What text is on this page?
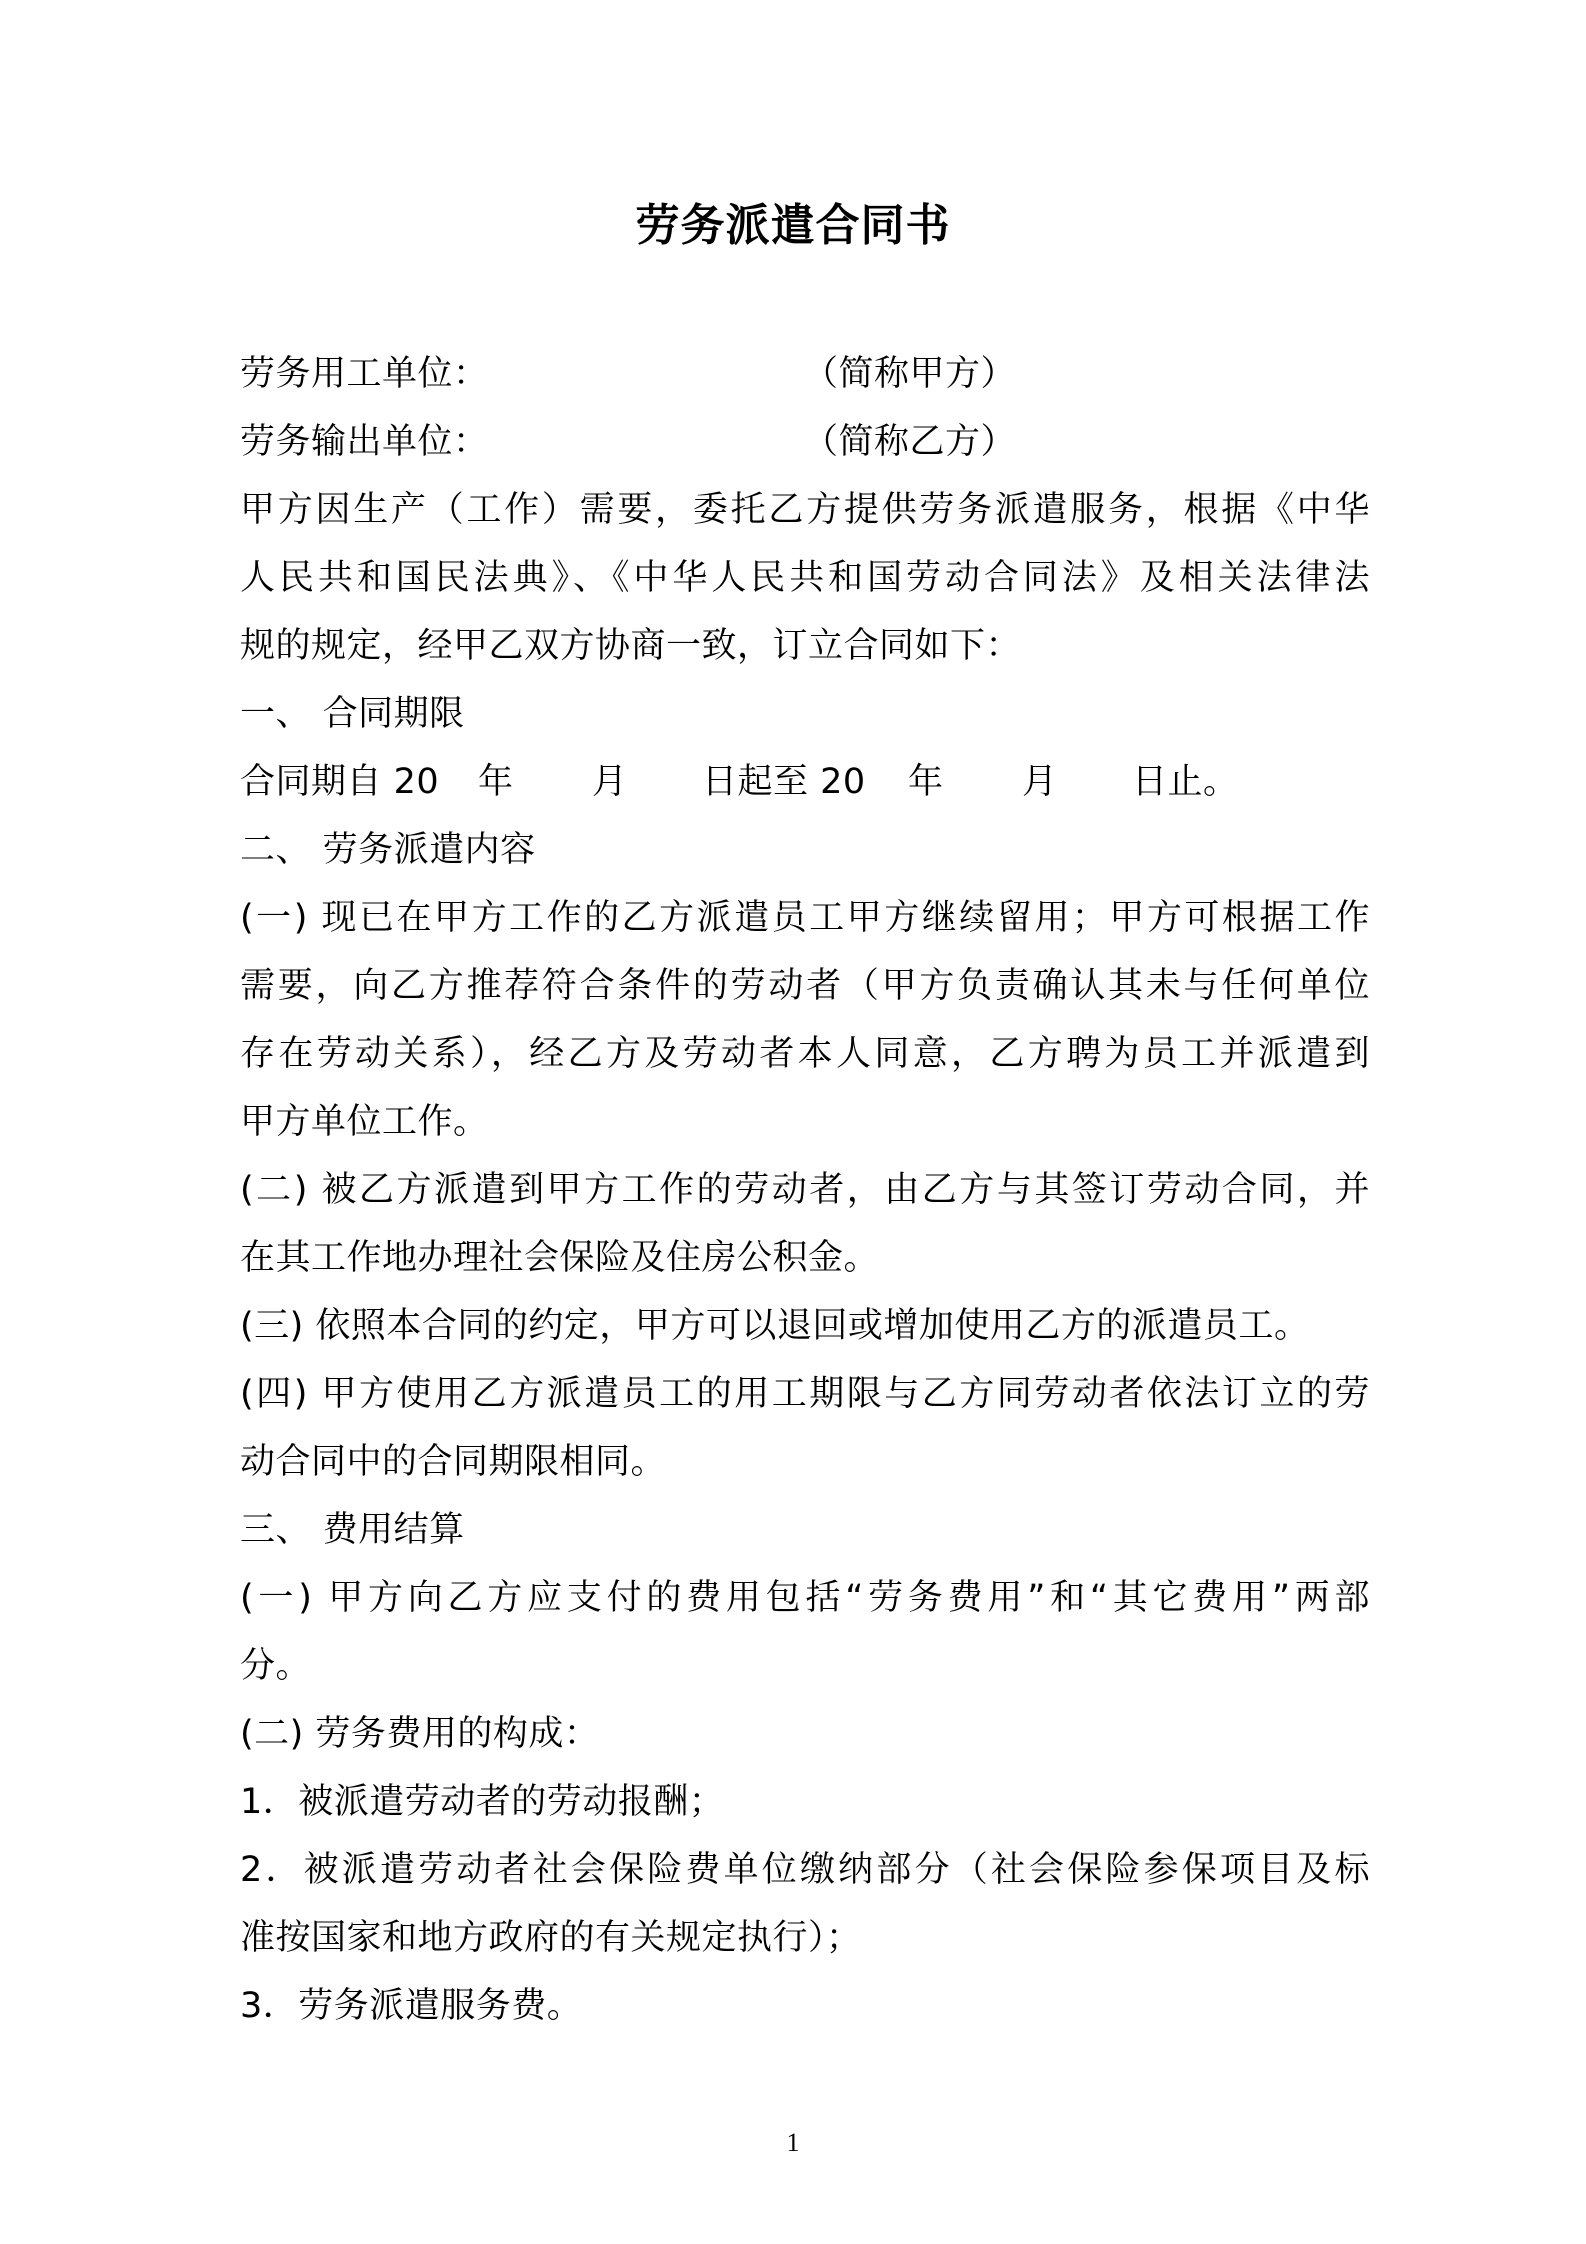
劳务派遣合同书
劳务用工单位：	（简称甲方）
劳务输出单位：	（简称乙方）
甲方因生产（工作）需要，委托乙方提供劳务派遣服务，根据《中华
人民共和国民法典》、《中华人民共和国劳动合同法》及相关法律法
规的规定，经甲乙双方协商一致，订立合同如下：
一、 合同期限
合同期自 20 年 月 日起至 20 年 月 日止。
二、 劳务派遣内容
(一) 现已在甲方工作的乙方派遣员工甲方继续留用；甲方可根据工作
需要，向乙方推荐符合条件的劳动者（甲方负责确认其未与任何单位
存在劳动关系），经乙方及劳动者本人同意，乙方聘为员工并派遣到
甲方单位工作。
(二) 被乙方派遣到甲方工作的劳动者，由乙方与其签订劳动合同，并
在其工作地办理社会保险及住房公积金。
(三) 依照本合同的约定，甲方可以退回或增加使用乙方的派遣员工。
(四) 甲方使用乙方派遣员工的用工期限与乙方同劳动者依法订立的劳
动合同中的合同期限相同。
三、 费用结算
(一) 甲方向乙方应支付的费用包括“劳务费用”和“其它费用”两部
分。
(二) 劳务费用的构成：
1．被派遣劳动者的劳动报酬；
2．被派遣劳动者社会保险费单位缴纳部分（社会保险参保项目及标
准按国家和地方政府的有关规定执行）；
3．劳务派遣服务费。
1
